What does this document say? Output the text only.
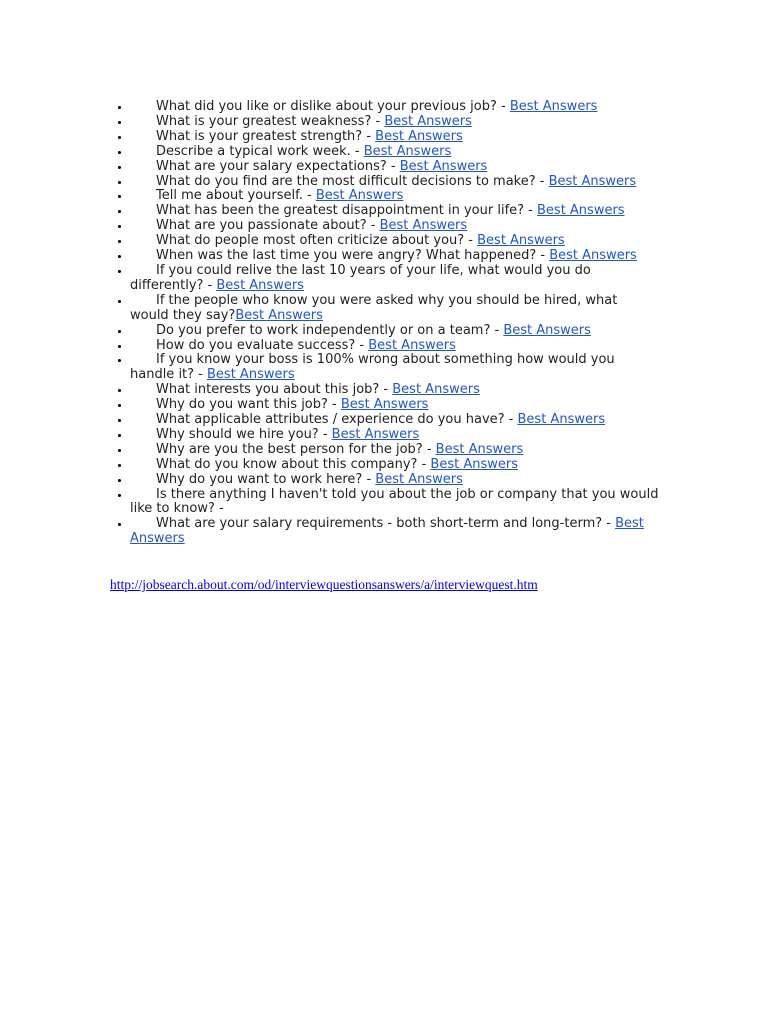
• What did you like or dislike about your previous job? - Best Answers
• What is your greatest weakness? - Best Answers
• What is your greatest strength? - Best Answers
• Describe a typical work week. - Best Answers
• What are your salary expectations? - Best Answers
• What do you find are the most difficult decisions to make? - Best Answers
• Tell me about yourself. - Best Answers
• What has been the greatest disappointment in your life? - Best Answers
• What are you passionate about? - Best Answers
• What do people most often criticize about you? - Best Answers
• When was the last time you were angry? What happened? - Best Answers
• If you could relive the last 10 years of your life, what would you do differently? - Best Answers
• If the people who know you were asked why you should be hired, what would they say?Best Answers
• Do you prefer to work independently or on a team? - Best Answers
• How do you evaluate success? - Best Answers
• If you know your boss is 100% wrong about something how would you handle it? - Best Answers
• What interests you about this job? - Best Answers
• Why do you want this job? - Best Answers
• What applicable attributes / experience do you have? - Best Answers
• Why should we hire you? - Best Answers
• Why are you the best person for the job? - Best Answers
• What do you know about this company? - Best Answers
• Why do you want to work here? - Best Answers
• Is there anything I haven't told you about the job or company that you would like to know? -
• What are your salary requirements - both short-term and long-term? - Best Answers
http://jobsearch.about.com/od/interviewquestionsanswers/a/interviewquest.htm
